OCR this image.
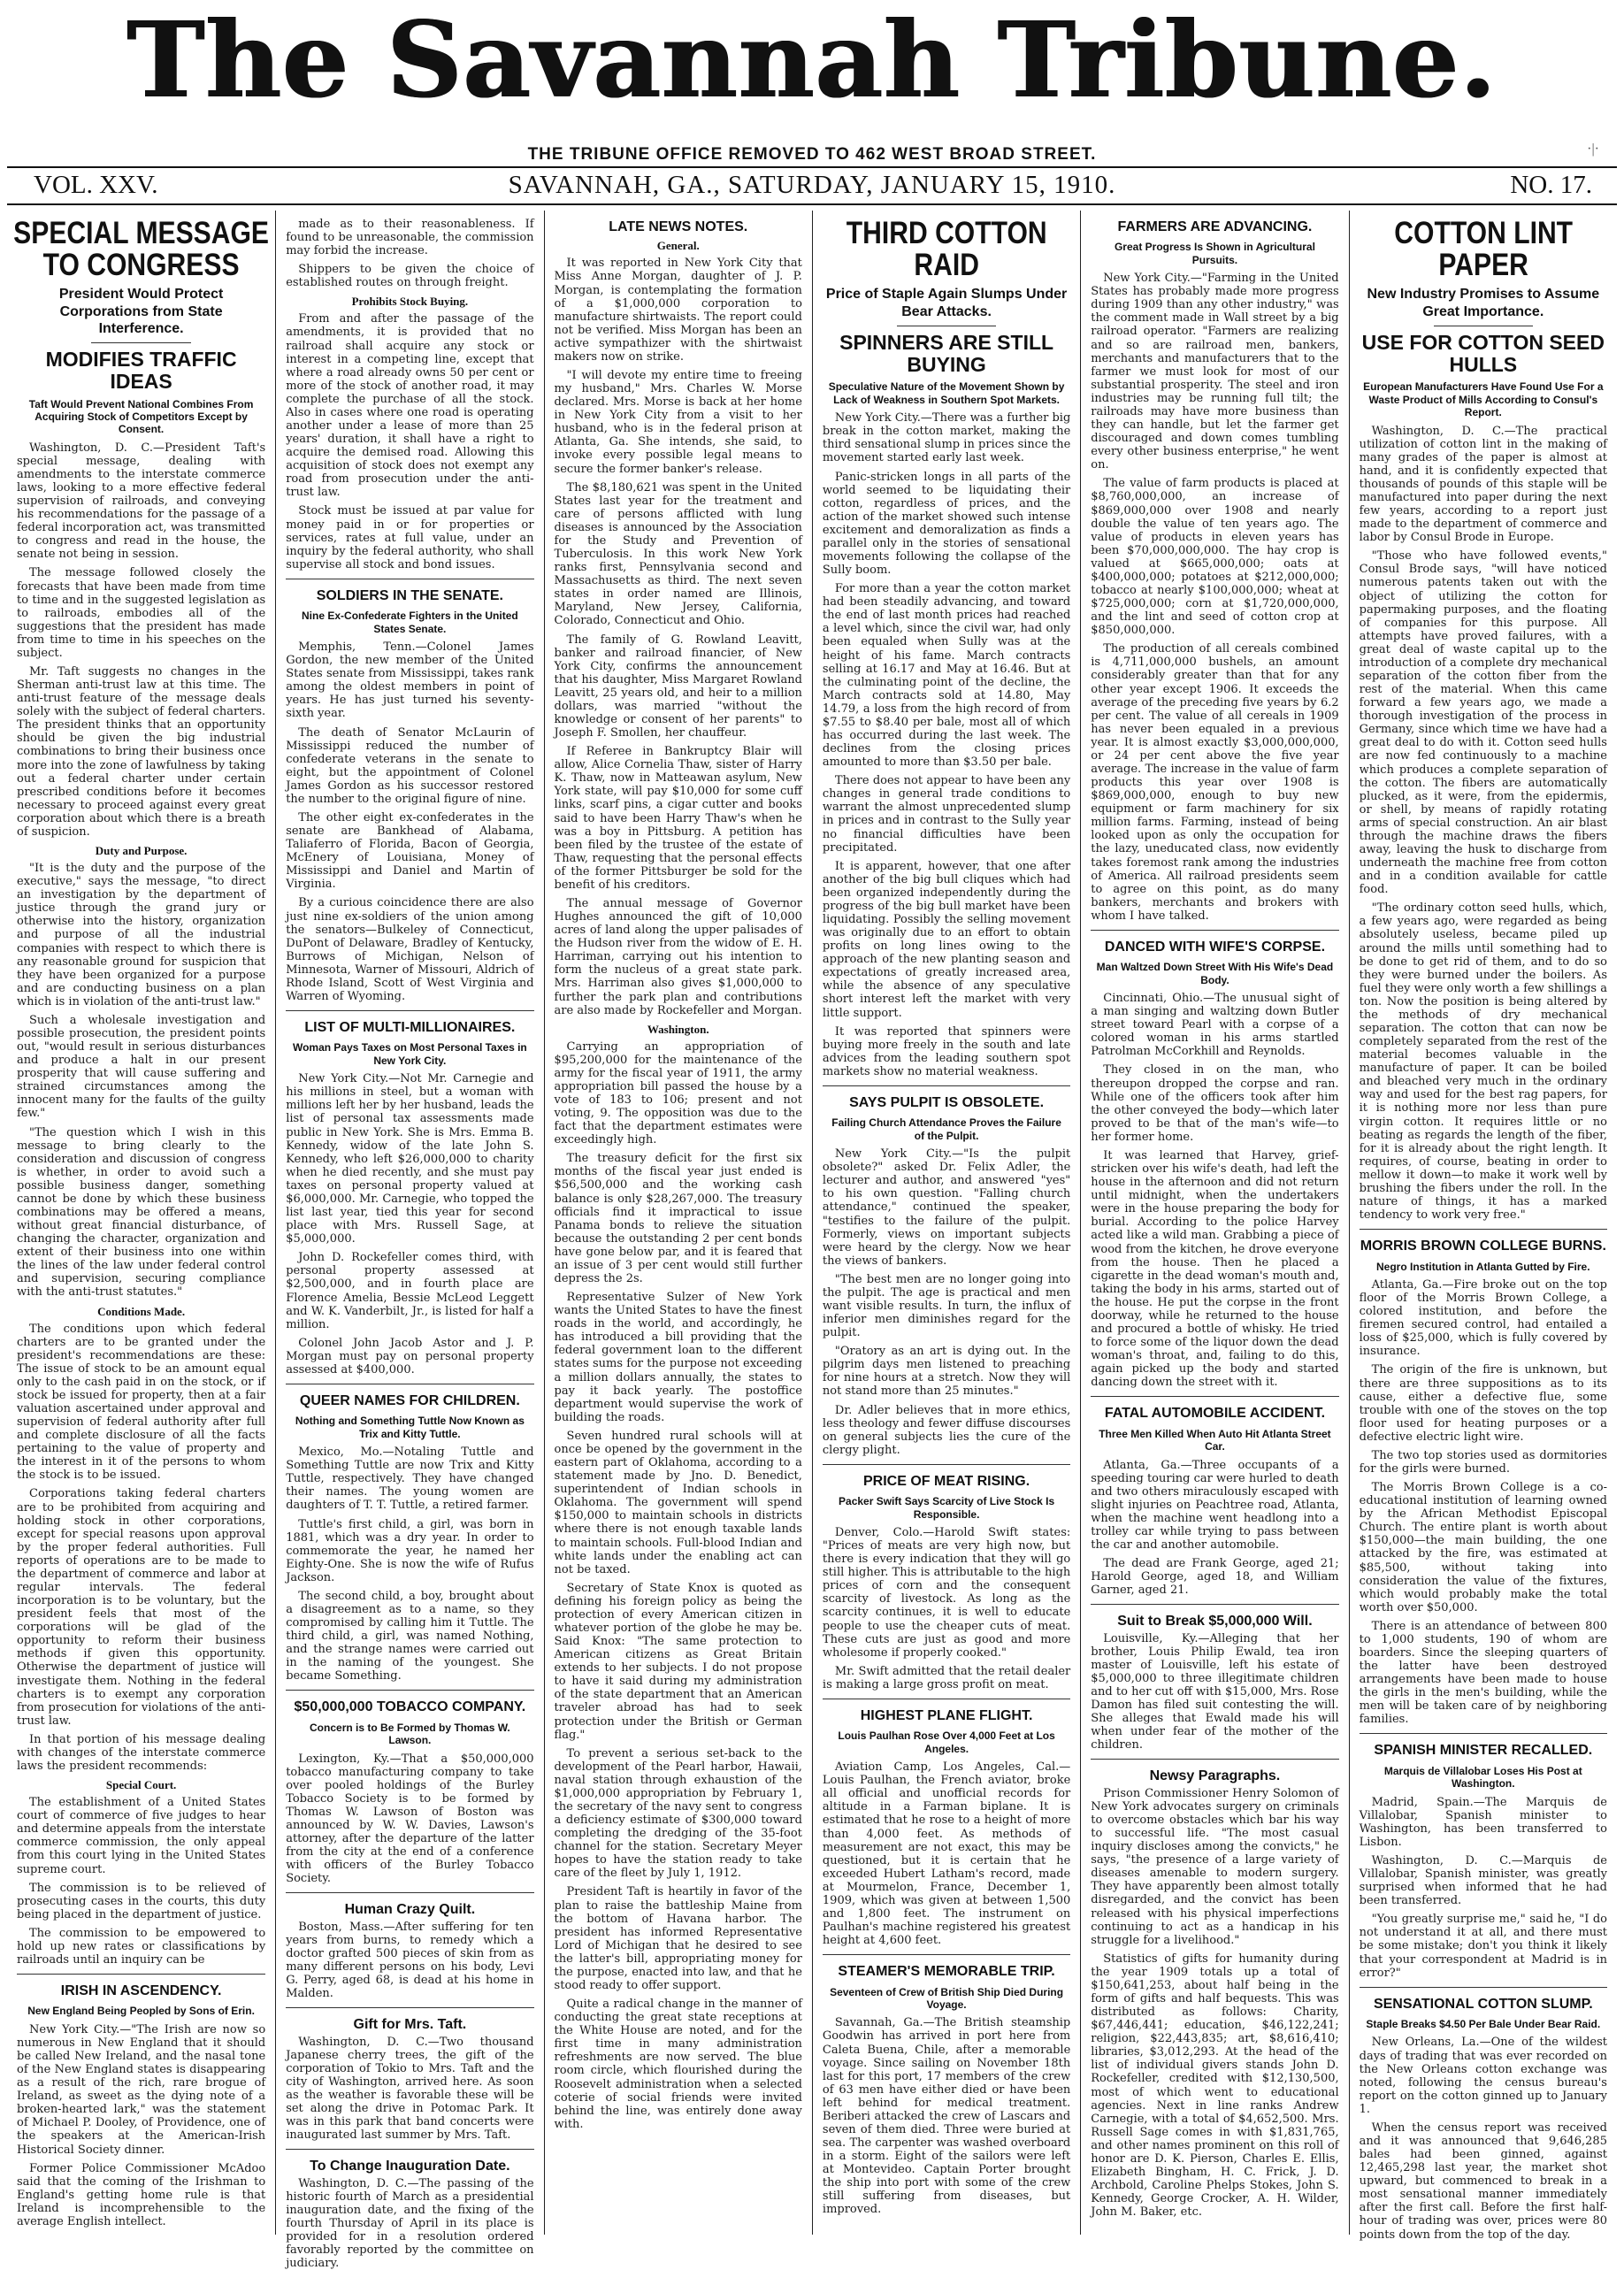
The Savannah Tribune.
THE TRIBUNE OFFICE REMOVED TO 462 WEST BROAD STREET.	·|·
VOL. XXV.	SAVANNAH, GA., SATURDAY, JANUARY 15, 1910.	NO. 17.
SPECIAL MESSAGE TO CONGRESS
President Would Protect Corporations from State Interference.
MODIFIES TRAFFIC IDEAS
Taft Would Prevent National Combines From Acquiring Stock of Competitors Except by Consent.

Washington, D. C.—President Taft's special message, dealing with amendments to the interstate commerce laws, looking to a more effective federal supervision of railroads, and conveying his recommendations for the passage of a federal incorporation act, was transmitted to congress and read in the house, the senate not being in session.

The message followed closely the forecasts that have been made from time to time and in the suggested legislation as to railroads, embodies all of the suggestions that the president has made from time to time in his speeches on the subject.

Mr. Taft suggests no changes in the Sherman anti-trust law at this time. The anti-trust feature of the message deals solely with the subject of federal charters. The president thinks that an opportunity should be given the big industrial combinations to bring their business once more into the zone of lawfulness by taking out a federal charter under certain prescribed conditions before it becomes necessary to proceed against every great corporation about which there is a breath of suspicion.

Duty and Purpose.

"It is the duty and the purpose of the executive," says the message, "to direct an investigation by the department of justice through the grand jury or otherwise into the history, organization and purpose of all the industrial companies with respect to which there is any reasonable ground for suspicion that they have been organized for a purpose and are conducting business on a plan which is in violation of the anti-trust law."

Such a wholesale investigation and possible prosecution, the president points out, "would result in serious disturbances and produce a halt in our present prosperity that will cause suffering and strained circumstances among the innocent many for the faults of the guilty few."

"The question which I wish in this message to bring clearly to the consideration and discussion of congress is whether, in order to avoid such a possible business danger, something cannot be done by which these business combinations may be offered a means, without great financial disturbance, of changing the character, organization and extent of their business into one within the lines of the law under federal control and supervision, securing compliance with the anti-trust statutes."

Conditions Made.

The conditions upon which federal charters are to be granted under the president's recommendations are these: The issue of stock to be an amount equal only to the cash paid in on the stock, or if stock be issued for property, then at a fair valuation ascertained under approval and supervision of federal authority after full and complete disclosure of all the facts pertaining to the value of property and the interest in it of the persons to whom the stock is to be issued.

Corporations taking federal charters are to be prohibited from acquiring and holding stock in other corporations, except for special reasons upon approval by the proper federal authorities. Full reports of operations are to be made to the department of commerce and labor at regular intervals. The federal incorporation is to be voluntary, but the president feels that most of the corporations will be glad of the opportunity to reform their business methods if given this opportunity. Otherwise the department of justice will investigate them. Nothing in the federal charters is to exempt any corporation from prosecution for violations of the anti-trust law.

In that portion of his message dealing with changes of the interstate commerce laws the president recommends:

Special Court.

The establishment of a United States court of commerce of five judges to hear and determine appeals from the interstate commerce commission, the only appeal from this court lying in the United States supreme court.

The commission is to be relieved of prosecuting cases in the courts, this duty being placed in the department of justice.

The commission to be empowered to hold up new rates or classifications by railroads until an inquiry can be

IRISH IN ASCENDENCY.
New England Being Peopled by Sons of Erin.

New York City.—"The Irish are now so numerous in New England that it should be called New Ireland, and the nasal tone of the New England states is disappearing as a result of the rich, rare brogue of Ireland, as sweet as the dying note of a broken-hearted lark," was the statement of Michael P. Dooley, of Providence, one of the speakers at the American-Irish Historical Society dinner.

Former Police Commissioner McAdoo said that the coming of the Irishman to England's getting home rule is that Ireland is incomprehensible to the average English intellect.

made as to their reasonableness. If found to be unreasonable, the commission may forbid the increase.

Shippers to be given the choice of established routes on through freight.

Prohibits Stock Buying.

From and after the passage of the amendments, it is provided that no railroad shall acquire any stock or interest in a competing line, except that where a road already owns 50 per cent or more of the stock of another road, it may complete the purchase of all the stock. Also in cases where one road is operating another under a lease of more than 25 years' duration, it shall have a right to acquire the demised road. Allowing this acquisition of stock does not exempt any road from prosecution under the anti-trust law.

Stock must be issued at par value for money paid in or for properties or services, rates at full value, under an inquiry by the federal authority, who shall supervise all stock and bond issues.

SOLDIERS IN THE SENATE.
Nine Ex-Confederate Fighters in the United States Senate.

Memphis, Tenn.—Colonel James Gordon, the new member of the United States senate from Mississippi, takes rank among the oldest members in point of years. He has just turned his seventy-sixth year.

The death of Senator McLaurin of Mississippi reduced the number of confederate veterans in the senate to eight, but the appointment of Colonel James Gordon as his successor restored the number to the original figure of nine.

The other eight ex-confederates in the senate are Bankhead of Alabama, Taliaferro of Florida, Bacon of Georgia, McEnery of Louisiana, Money of Mississippi and Daniel and Martin of Virginia.

By a curious coincidence there are also just nine ex-soldiers of the union among the senators—Bulkeley of Connecticut, DuPont of Delaware, Bradley of Kentucky, Burrows of Michigan, Nelson of Minnesota, Warner of Missouri, Aldrich of Rhode Island, Scott of West Virginia and Warren of Wyoming.

LIST OF MULTI-MILLIONAIRES.
Woman Pays Taxes on Most Personal Taxes in New York City.

New York City.—Not Mr. Carnegie and his millions in steel, but a woman with millions left her by her husband, leads the list of personal tax assessments made public in New York. She is Mrs. Emma B. Kennedy, widow of the late John S. Kennedy, who left $26,000,000 to charity when he died recently, and she must pay taxes on personal property valued at $6,000,000. Mr. Carnegie, who topped the list last year, tied this year for second place with Mrs. Russell Sage, at $5,000,000.

John D. Rockefeller comes third, with personal property assessed at $2,500,000, and in fourth place are Florence Amelia, Bessie McLeod Leggett and W. K. Vanderbilt, Jr., is listed for half a million.

Colonel John Jacob Astor and J. P. Morgan must pay on personal property assessed at $400,000.

QUEER NAMES FOR CHILDREN.
Nothing and Something Tuttle Now Known as Trix and Kitty Tuttle.

Mexico, Mo.—Notaling Tuttle and Something Tuttle are now Trix and Kitty Tuttle, respectively. They have changed their names. The young women are daughters of T. T. Tuttle, a retired farmer.

Tuttle's first child, a girl, was born in 1881, which was a dry year. In order to commemorate the year, he named her Eighty-One. She is now the wife of Rufus Jackson.

The second child, a boy, brought about a disagreement as to a name, so they compromised by calling him it Tuttle. The third child, a girl, was named Nothing, and the strange names were carried out in the naming of the youngest. She became Something.

$50,000,000 TOBACCO COMPANY.
Concern is to Be Formed by Thomas W. Lawson.

Lexington, Ky.—That a $50,000,000 tobacco manufacturing company to take over pooled holdings of the Burley Tobacco Society is to be formed by Thomas W. Lawson of Boston was announced by W. W. Davies, Lawson's attorney, after the departure of the latter from the city at the end of a conference with officers of the Burley Tobacco Society.

Human Crazy Quilt.

Boston, Mass.—After suffering for ten years from burns, to remedy which a doctor grafted 500 pieces of skin from as many different persons on his body, Levi G. Perry, aged 68, is dead at his home in Malden.

Gift for Mrs. Taft.

Washington, D. C.—Two thousand Japanese cherry trees, the gift of the corporation of Tokio to Mrs. Taft and the city of Washington, arrived here. As soon as the weather is favorable these will be set along the drive in Potomac Park. It was in this park that band concerts were inaugurated last summer by Mrs. Taft.

To Change Inauguration Date.

Washington, D. C.—The passing of the historic fourth of March as a presidential inauguration date, and the fixing of the fourth Thursday of April in its place is provided for in a resolution ordered favorably reported by the committee on judiciary.

LATE NEWS NOTES.
General.

It was reported in New York City that Miss Anne Morgan, daughter of J. P. Morgan, is contemplating the formation of a $1,000,000 corporation to manufacture shirtwaists. The report could not be verified. Miss Morgan has been an active sympathizer with the shirtwaist makers now on strike.

"I will devote my entire time to freeing my husband," Mrs. Charles W. Morse declared. Mrs. Morse is back at her home in New York City from a visit to her husband, who is in the federal prison at Atlanta, Ga. She intends, she said, to invoke every possible legal means to secure the former banker's release.

The $8,180,621 was spent in the United States last year for the treatment and care of persons afflicted with lung diseases is announced by the Association for the Study and Prevention of Tuberculosis. In this work New York ranks first, Pennsylvania second and Massachusetts as third. The next seven states in order named are Illinois, Maryland, New Jersey, California, Colorado, Connecticut and Ohio.

The family of G. Rowland Leavitt, banker and railroad financier, of New York City, confirms the announcement that his daughter, Miss Margaret Rowland Leavitt, 25 years old, and heir to a million dollars, was married "without the knowledge or consent of her parents" to Joseph F. Smollen, her chauffeur.

If Referee in Bankruptcy Blair will allow, Alice Cornelia Thaw, sister of Harry K. Thaw, now in Matteawan asylum, New York state, will pay $10,000 for some cuff links, scarf pins, a cigar cutter and books said to have been Harry Thaw's when he was a boy in Pittsburg. A petition has been filed by the trustee of the estate of Thaw, requesting that the personal effects of the former Pittsburger be sold for the benefit of his creditors.

The annual message of Governor Hughes announced the gift of 10,000 acres of land along the upper palisades of the Hudson river from the widow of E. H. Harriman, carrying out his intention to form the nucleus of a great state park. Mrs. Harriman also gives $1,000,000 to further the park plan and contributions are also made by Rockefeller and Morgan.

Washington.

Carrying an appropriation of $95,200,000 for the maintenance of the army for the fiscal year of 1911, the army appropriation bill passed the house by a vote of 183 to 106; present and not voting, 9. The opposition was due to the fact that the department estimates were exceedingly high.

The treasury deficit for the first six months of the fiscal year just ended is $56,500,000 and the working cash balance is only $28,267,000. The treasury officials find it impractical to issue Panama bonds to relieve the situation because the outstanding 2 per cent bonds have gone below par, and it is feared that an issue of 3 per cent would still further depress the 2s.

Representative Sulzer of New York wants the United States to have the finest roads in the world, and accordingly, he has introduced a bill providing that the federal government loan to the different states sums for the purpose not exceeding a million dollars annually, the states to pay it back yearly. The postoffice department would supervise the work of building the roads.

Seven hundred rural schools will at once be opened by the government in the eastern part of Oklahoma, according to a statement made by Jno. D. Benedict, superintendent of Indian schools in Oklahoma. The government will spend $150,000 to maintain schools in districts where there is not enough taxable lands to maintain schools. Full-blood Indian and white lands under the enabling act can not be taxed.

Secretary of State Knox is quoted as defining his foreign policy as being the protection of every American citizen in whatever portion of the globe he may be. Said Knox: "The same protection to American citizens as Great Britain extends to her subjects. I do not propose to have it said during my administration of the state department that an American traveler abroad has had to seek protection under the British or German flag."

To prevent a serious set-back to the development of the Pearl harbor, Hawaii, naval station through exhaustion of the $1,000,000 appropriation by February 1, the secretary of the navy sent to congress a deficiency estimate of $300,000 toward completing the dredging of the 35-foot channel for the station. Secretary Meyer hopes to have the station ready to take care of the fleet by July 1, 1912.

President Taft is heartily in favor of the plan to raise the battleship Maine from the bottom of Havana harbor. The president has informed Representative Lord of Michigan that he desired to see the latter's bill, appropriating money for the purpose, enacted into law, and that he stood ready to offer support.

Quite a radical change in the manner of conducting the great state receptions at the White House are noted, and for the first time in many administration refreshments are now served. The blue room circle, which flourished during the Roosevelt administration when a selected coterie of social friends were invited behind the line, was entirely done away with.

THIRD COTTON RAID
Price of Staple Again Slumps Under Bear Attacks.
SPINNERS ARE STILL BUYING
Speculative Nature of the Movement Shown by Lack of Weakness in Southern Spot Markets.

New York City.—There was a further big break in the cotton market, making the third sensational slump in prices since the movement started early last week.

Panic-stricken longs in all parts of the world seemed to be liquidating their cotton, regardless of prices, and the action of the market showed such intense excitement and demoralization as finds a parallel only in the stories of sensational movements following the collapse of the Sully boom.

For more than a year the cotton market had been steadily advancing, and toward the end of last month prices had reached a level which, since the civil war, had only been equaled when Sully was at the height of his fame. March contracts selling at 16.17 and May at 16.46. But at the culminating point of the decline, the March contracts sold at 14.80, May 14.79, a loss from the high record of from $7.55 to $8.40 per bale, most all of which has occurred during the last week. The declines from the closing prices amounted to more than $3.50 per bale.

There does not appear to have been any changes in general trade conditions to warrant the almost unprecedented slump in prices and in contrast to the Sully year no financial difficulties have been precipitated.

It is apparent, however, that one after another of the big bull cliques which had been organized independently during the progress of the big bull market have been liquidating. Possibly the selling movement was originally due to an effort to obtain profits on long lines owing to the approach of the new planting season and expectations of greatly increased area, while the absence of any speculative short interest left the market with very little support.

It was reported that spinners were buying more freely in the south and late advices from the leading southern spot markets show no material weakness.

SAYS PULPIT IS OBSOLETE.
Failing Church Attendance Proves the Failure of the Pulpit.

New York City.—"Is the pulpit obsolete?" asked Dr. Felix Adler, the lecturer and author, and answered "yes" to his own question. "Falling church attendance," continued the speaker, "testifies to the failure of the pulpit. Formerly, views on important subjects were heard by the clergy. Now we hear the views of bankers.

"The best men are no longer going into the pulpit. The age is practical and men want visible results. In turn, the influx of inferior men diminishes regard for the pulpit.

"Oratory as an art is dying out. In the pilgrim days men listened to preaching for nine hours at a stretch. Now they will not stand more than 25 minutes."

Dr. Adler believes that in more ethics, less theology and fewer diffuse discourses on general subjects lies the cure of the clergy plight.

PRICE OF MEAT RISING.
Packer Swift Says Scarcity of Live Stock Is Responsible.

Denver, Colo.—Harold Swift states: "Prices of meats are very high now, but there is every indication that they will go still higher. This is attributable to the high prices of corn and the consequent scarcity of livestock. As long as the scarcity continues, it is well to educate people to use the cheaper cuts of meat. These cuts are just as good and more wholesome if properly cooked."

Mr. Swift admitted that the retail dealer is making a large gross profit on meat.

HIGHEST PLANE FLIGHT.
Louis Paulhan Rose Over 4,000 Feet at Los Angeles.

Aviation Camp, Los Angeles, Cal.—Louis Paulhan, the French aviator, broke all official and unofficial records for altitude in a Farman biplane. It is estimated that he rose to a height of more than 4,000 feet. As methods of measurement are not exact, this may be questioned, but it is certain that he exceeded Hubert Latham's record, made at Mourmelon, France, December 1, 1909, which was given at between 1,500 and 1,800 feet. The instrument on Paulhan's machine registered his greatest height at 4,600 feet.

STEAMER'S MEMORABLE TRIP.
Seventeen of Crew of British Ship Died During Voyage.

Savannah, Ga.—The British steamship Goodwin has arrived in port here from Caleta Buena, Chile, after a memorable voyage. Since sailing on November 18th last for this port, 17 members of the crew of 63 men have either died or have been left behind for medical treatment. Beriberi attacked the crew of Lascars and seven of them died. Three were buried at sea. The carpenter was washed overboard in a storm. Eight of the sailors were left at Montevideo. Captain Porter brought the ship into port with some of the crew still suffering from diseases, but improved.

FARMERS ARE ADVANCING.
Great Progress Is Shown in Agricultural Pursuits.

New York City.—"Farming in the United States has probably made more progress during 1909 than any other industry," was the comment made in Wall street by a big railroad operator. "Farmers are realizing and so are railroad men, bankers, merchants and manufacturers that to the farmer we must look for most of our substantial prosperity. The steel and iron industries may be running full tilt; the railroads may have more business than they can handle, but let the farmer get discouraged and down comes tumbling every other business enterprise," he went on.

The value of farm products is placed at $8,760,000,000, an increase of $869,000,000 over 1908 and nearly double the value of ten years ago. The value of products in eleven years has been $70,000,000,000. The hay crop is valued at $665,000,000; oats at $400,000,000; potatoes at $212,000,000; tobacco at nearly $100,000,000; wheat at $725,000,000; corn at $1,720,000,000, and the lint and seed of cotton crop at $850,000,000.

The production of all cereals combined is 4,711,000,000 bushels, an amount considerably greater than that for any other year except 1906. It exceeds the average of the preceding five years by 6.2 per cent. The value of all cereals in 1909 has never been equaled in a previous year. It is almost exactly $3,000,000,000, or 24 per cent above the five year average. The increase in the value of farm products this year over 1908 is $869,000,000, enough to buy new equipment or farm machinery for six million farms. Farming, instead of being looked upon as only the occupation for the lazy, uneducated class, now evidently takes foremost rank among the industries of America. All railroad presidents seem to agree on this point, as do many bankers, merchants and brokers with whom I have talked.

DANCED WITH WIFE'S CORPSE.
Man Waltzed Down Street With His Wife's Dead Body.

Cincinnati, Ohio.—The unusual sight of a man singing and waltzing down Butler street toward Pearl with a corpse of a colored woman in his arms startled Patrolman McCorkhill and Reynolds.

They closed in on the man, who thereupon dropped the corpse and ran. While one of the officers took after him the other conveyed the body—which later proved to be that of the man's wife—to her former home.

It was learned that Harvey, grief-stricken over his wife's death, had left the house in the afternoon and did not return until midnight, when the undertakers were in the house preparing the body for burial. According to the police Harvey acted like a wild man. Grabbing a piece of wood from the kitchen, he drove everyone from the house. Then he placed a cigarette in the dead woman's mouth and, taking the body in his arms, started out of the house. He put the corpse in the front doorway, while he returned to the house and procured a bottle of whisky. He tried to force some of the liquor down the dead woman's throat, and, failing to do this, again picked up the body and started dancing down the street with it.

FATAL AUTOMOBILE ACCIDENT.
Three Men Killed When Auto Hit Atlanta Street Car.

Atlanta, Ga.—Three occupants of a speeding touring car were hurled to death and two others miraculously escaped with slight injuries on Peachtree road, Atlanta, when the machine went headlong into a trolley car while trying to pass between the car and another automobile.

The dead are Frank George, aged 21; Harold George, aged 18, and William Garner, aged 21.

Suit to Break $5,000,000 Will.

Louisville, Ky.—Alleging that her brother, Louis Philip Ewald, tea iron master of Louisville, left his estate of $5,000,000 to three illegitimate children and to her cut off with $15,000, Mrs. Rose Damon has filed suit contesting the will. She alleges that Ewald made his will when under fear of the mother of the children.

Newsy Paragraphs.

Prison Commissioner Henry Solomon of New York advocates surgery on criminals to overcome obstacles which bar his way to successful life. "The most casual inquiry discloses among the convicts," he says, "the presence of a large variety of diseases amenable to modern surgery. They have apparently been almost totally disregarded, and the convict has been released with his physical imperfections continuing to act as a handicap in his struggle for a livelihood."

Statistics of gifts for humanity during the year 1909 totals up a total of $150,641,253, about half being in the form of gifts and half bequests. This was distributed as follows: Charity, $67,446,441; education, $46,122,241; religion, $22,443,835; art, $8,616,410; libraries, $3,012,293. At the head of the list of individual givers stands John D. Rockefeller, credited with $12,130,500, most of which went to educational agencies. Next in line ranks Andrew Carnegie, with a total of $4,652,500. Mrs. Russell Sage comes in with $1,831,765, and other names prominent on this roll of honor are D. K. Pierson, Charles E. Ellis, Elizabeth Bingham, H. C. Frick, J. D. Archbold, Caroline Phelps Stokes, John S. Kennedy, George Crocker, A. H. Wilder, John M. Baker, etc.

COTTON LINT PAPER
New Industry Promises to Assume Great Importance.
USE FOR COTTON SEED HULLS
European Manufacturers Have Found Use For a Waste Product of Mills According to Consul's Report.

Washington, D. C.—The practical utilization of cotton lint in the making of many grades of the paper is almost at hand, and it is confidently expected that thousands of pounds of this staple will be manufactured into paper during the next few years, according to a report just made to the department of commerce and labor by Consul Brode in Europe.

"Those who have followed events," Consul Brode says, "will have noticed numerous patents taken out with the object of utilizing the cotton for papermaking purposes, and the floating of companies for this purpose. All attempts have proved failures, with a great deal of waste capital up to the introduction of a complete dry mechanical separation of the cotton fiber from the rest of the material. When this came forward a few years ago, we made a thorough investigation of the process in Germany, since which time we have had a great deal to do with it. Cotton seed hulls are now fed continuously to a machine which produces a complete separation of the cotton. The fibers are automatically plucked, as it were, from the epidermis, or shell, by means of rapidly rotating arms of special construction. An air blast through the machine draws the fibers away, leaving the husk to discharge from underneath the machine free from cotton and in a condition available for cattle food.

"The ordinary cotton seed hulls, which, a few years ago, were regarded as being absolutely useless, became piled up around the mills until something had to be done to get rid of them, and to do so they were burned under the boilers. As fuel they were only worth a few shillings a ton. Now the position is being altered by the methods of dry mechanical separation. The cotton that can now be completely separated from the rest of the material becomes valuable in the manufacture of paper. It can be boiled and bleached very much in the ordinary way and used for the best rag papers, for it is nothing more nor less than pure virgin cotton. It requires little or no beating as regards the length of the fiber, for it is already about the right length. It requires, of course, beating in order to mellow it down—to make it work well by brushing the fibers under the roll. In the nature of things, it has a marked tendency to work very free."

MORRIS BROWN COLLEGE BURNS.
Negro Institution in Atlanta Gutted by Fire.

Atlanta, Ga.—Fire broke out on the top floor of the Morris Brown College, a colored institution, and before the firemen secured control, had entailed a loss of $25,000, which is fully covered by insurance.

The origin of the fire is unknown, but there are three suppositions as to its cause, either a defective flue, some trouble with one of the stoves on the top floor used for heating purposes or a defective electric light wire.

The two top stories used as dormitories for the girls were burned.

The Morris Brown College is a co-educational institution of learning owned by the African Methodist Episcopal Church. The entire plant is worth about $150,000—the main building, the one attacked by the fire, was estimated at $85,500, without taking into consideration the value of the fixtures, which would probably make the total worth over $50,000.

There is an attendance of between 800 to 1,000 students, 190 of whom are boarders. Since the sleeping quarters of the latter have been destroyed arrangements have been made to house the girls in the men's building, while the men will be taken care of by neighboring families.

SPANISH MINISTER RECALLED.
Marquis de Villalobar Loses His Post at Washington.

Madrid, Spain.—The Marquis de Villalobar, Spanish minister to Washington, has been transferred to Lisbon.

Washington, D. C.—Marquis de Villalobar, Spanish minister, was greatly surprised when informed that he had been transferred.

"You greatly surprise me," said he, "I do not understand it at all, and there must be some mistake; don't you think it likely that your correspondent at Madrid is in error?"

SENSATIONAL COTTON SLUMP.
Staple Breaks $4.50 Per Bale Under Bear Raid.

New Orleans, La.—One of the wildest days of trading that was ever recorded on the New Orleans cotton exchange was noted, following the census bureau's report on the cotton ginned up to January 1.

When the census report was received and it was announced that 9,646,285 bales had been ginned, against 12,465,298 last year, the market shot upward, but commenced to break in a most sensational manner immediately after the first call. Before the first half-hour of trading was over, prices were 80 points down from the top of the day.
